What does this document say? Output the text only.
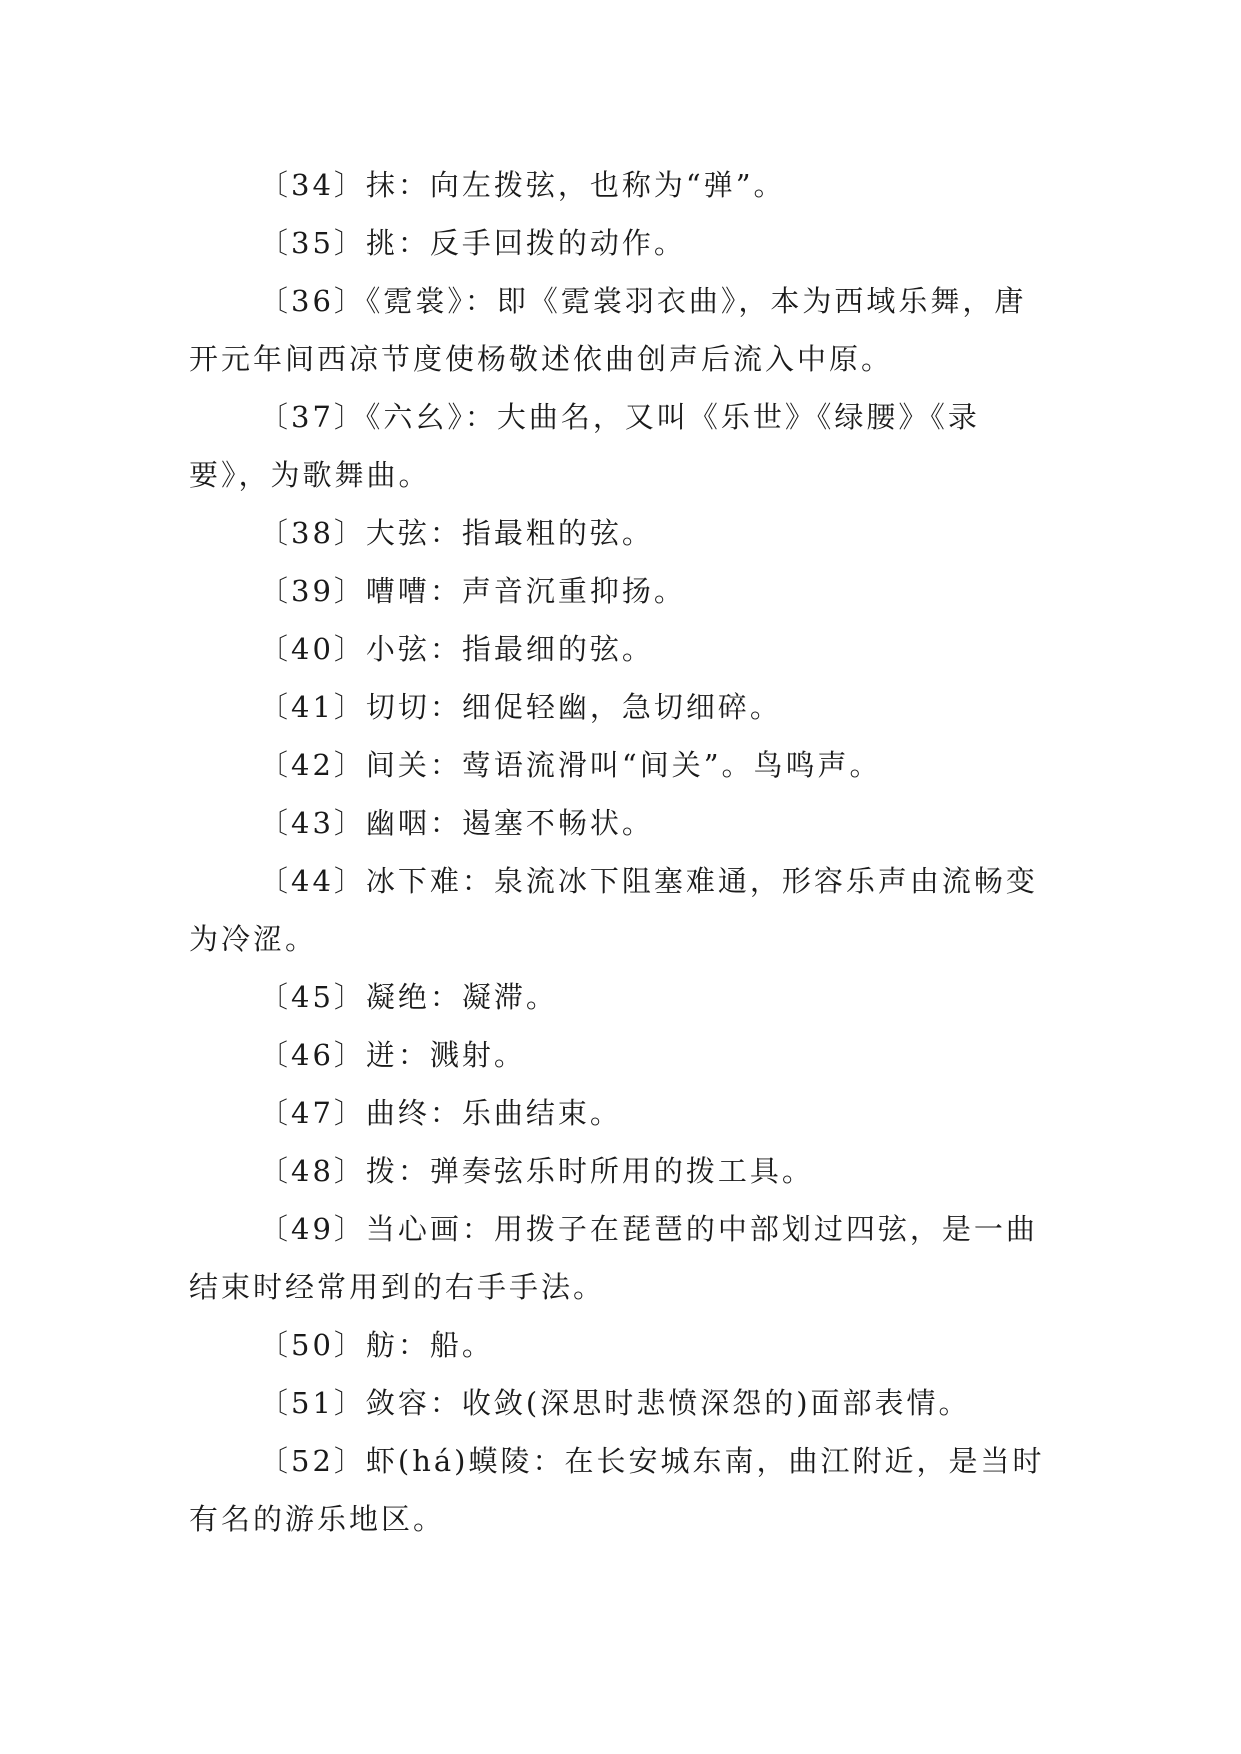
〔34〕抹：向左拨弦，也称为“弹”。

〔35〕挑：反手回拨的动作。

〔36〕《霓裳》：即《霓裳羽衣曲》，本为西域乐舞，唐开元年间西凉节度使杨敬述依曲创声后流入中原。

〔37〕《六幺》：大曲名，又叫《乐世》《绿腰》《录要》，为歌舞曲。

〔38〕大弦：指最粗的弦。

〔39〕嘈嘈：声音沉重抑扬。

〔40〕小弦：指最细的弦。

〔41〕切切：细促轻幽，急切细碎。

〔42〕间关：莺语流滑叫“间关”。鸟鸣声。

〔43〕幽咽：遏塞不畅状。

〔44〕冰下难：泉流冰下阻塞难通，形容乐声由流畅变为冷涩。

〔45〕凝绝：凝滞。

〔46〕迸：溅射。

〔47〕曲终：乐曲结束。

〔48〕拨：弹奏弦乐时所用的拨工具。

〔49〕当心画：用拨子在琵琶的中部划过四弦，是一曲结束时经常用到的右手手法。

〔50〕舫：船。

〔51〕敛容：收敛(深思时悲愤深怨的)面部表情。

〔52〕虾(há)蟆陵：在长安城东南，曲江附近，是当时有名的游乐地区。
